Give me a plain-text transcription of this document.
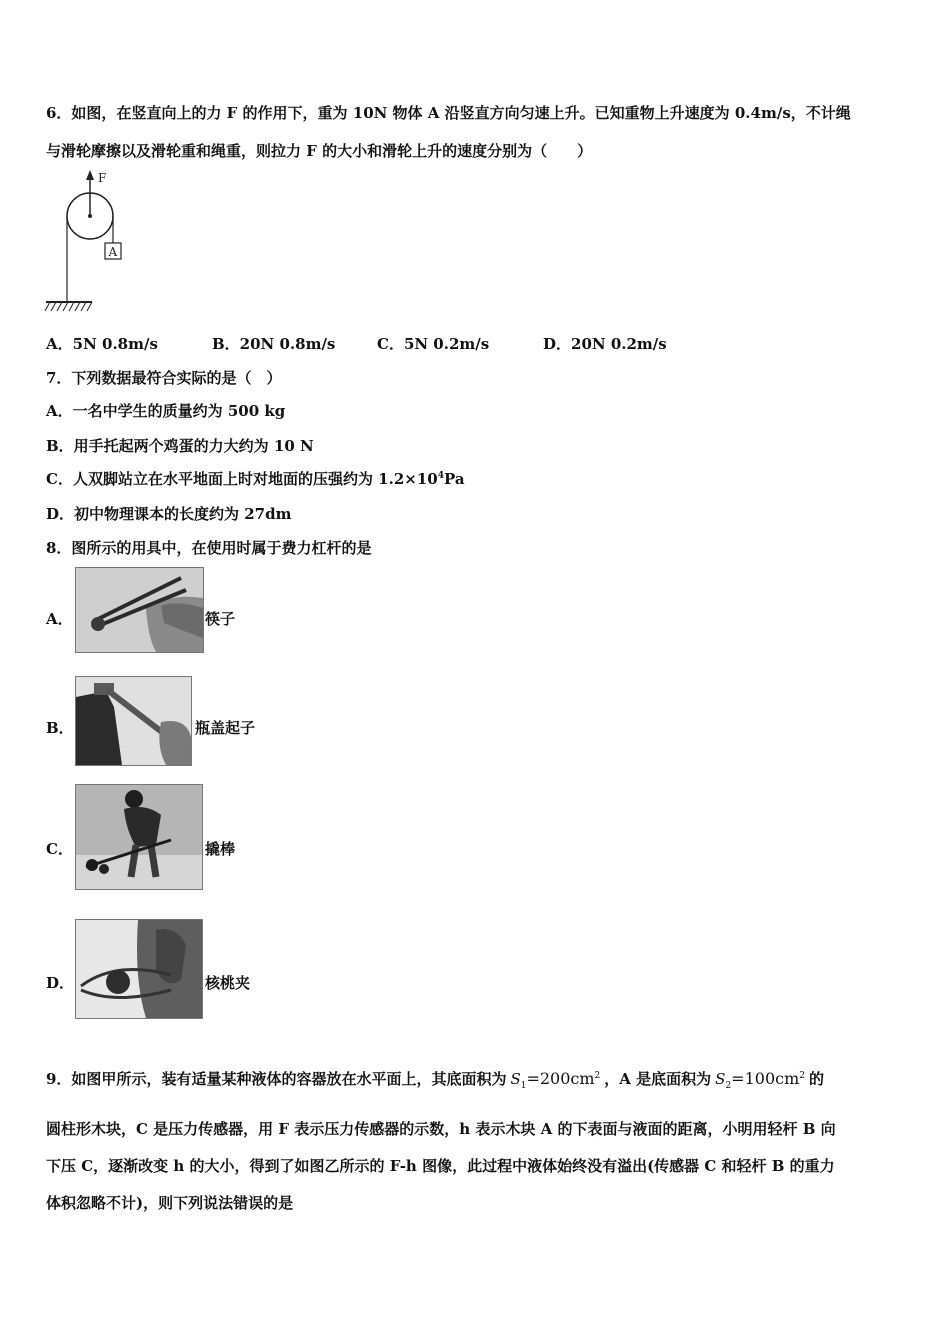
6．如图，在竖直向上的力 F 的作用下，重为 10N 物体 A 沿竖直方向匀速上升。已知重物上升速度为 0.4m/s，不计绳
与滑轮摩擦以及滑轮重和绳重，则拉力 F 的大小和滑轮上升的速度分别为（　　）
F
A
A．5N 0.8m/s	B．20N 0.8m/s	C．5N 0.2m/s	D．20N 0.2m/s
7．下列数据最符合实际的是（　）
A．一名中学生的质量约为 500 kg
B．用手托起两个鸡蛋的力大约为 10 N
C．人双脚站立在水平地面上时对地面的压强约为 $1.2\times 10^4Pa$
D．初中物理课本的长度约为 27dm
8．图所示的用具中，在使用时属于费力杠杆的是
A．	筷子
B．	瓶盖起子
C．	撬棒
D．	核桃夹
9．如图甲所示，装有适量某种液体的容器放在水平面上，其底面积为 $S_1=200cm^2$ ，A 是底面积为 $S_2=100cm^2$ 的
圆柱形木块，C 是压力传感器，用 F 表示压力传感器的示数，h 表示木块 A 的下表面与液面的距离，小明用轻杆 B 向
下压 C，逐渐改变 h 的大小，得到了如图乙所示的 F-h 图像，此过程中液体始终没有溢出(传感器 C 和轻杆 B 的重力
体积忽略不计)，则下列说法错误的是
